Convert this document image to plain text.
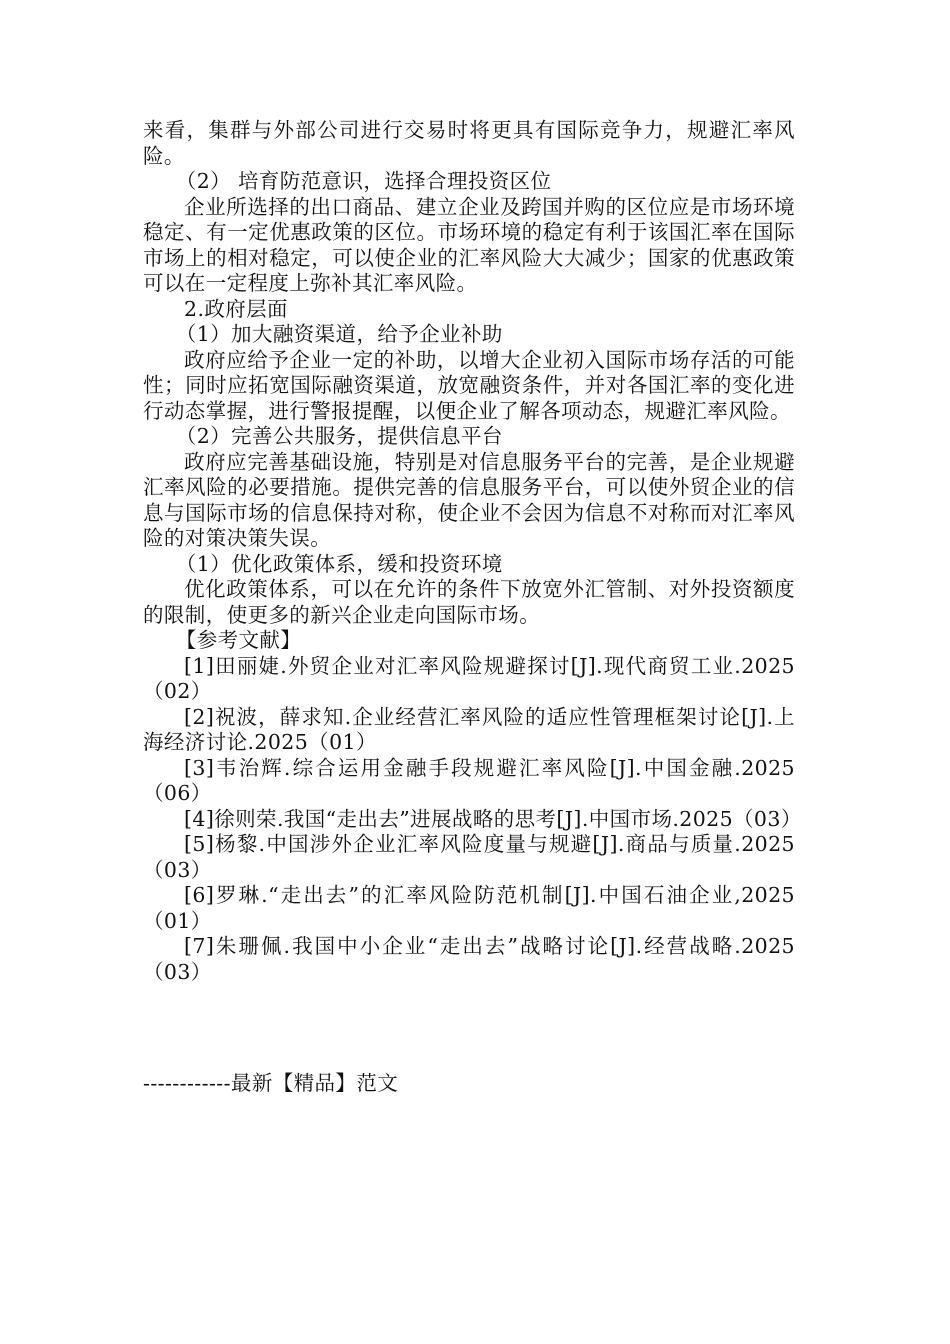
来看，集群与外部公司进行交易时将更具有国际竞争力，规避汇率风险。

（2） 培育防范意识，选择合理投资区位

企业所选择的出口商品、建立企业及跨国并购的区位应是市场环境稳定、有一定优惠政策的区位。市场环境的稳定有利于该国汇率在国际市场上的相对稳定，可以使企业的汇率风险大大减少；国家的优惠政策可以在一定程度上弥补其汇率风险。

2.政府层面

（1）加大融资渠道，给予企业补助

政府应给予企业一定的补助，以增大企业初入国际市场存活的可能性；同时应拓宽国际融资渠道，放宽融资条件，并对各国汇率的变化进行动态掌握，进行警报提醒，以便企业了解各项动态，规避汇率风险。

（2）完善公共服务，提供信息平台

政府应完善基础设施，特别是对信息服务平台的完善，是企业规避汇率风险的必要措施。提供完善的信息服务平台，可以使外贸企业的信息与国际市场的信息保持对称，使企业不会因为信息不对称而对汇率风险的对策决策失误。

（1）优化政策体系，缓和投资环境

优化政策体系，可以在允许的条件下放宽外汇管制、对外投资额度的限制，使更多的新兴企业走向国际市场。

【参考文献】

[1]田丽婕.外贸企业对汇率风险规避探讨[J].现代商贸工业.2025（02）

[2]祝波，薛求知.企业经营汇率风险的适应性管理框架讨论[J].上海经济讨论.2025（01）

[3]韦治辉.综合运用金融手段规避汇率风险[J].中国金融.2025（06）

[4]徐则荣.我国“走出去”进展战略的思考[J].中国市场.2025（03）

[5]杨黎.中国涉外企业汇率风险度量与规避[J].商品与质量.2025（03）

[6]罗琳.“走出去”的汇率风险防范机制[J].中国石油企业,2025（01）

[7]朱珊佩.我国中小企业“走出去”战略讨论[J].经营战略.2025（03）

------------最新【精品】范文
